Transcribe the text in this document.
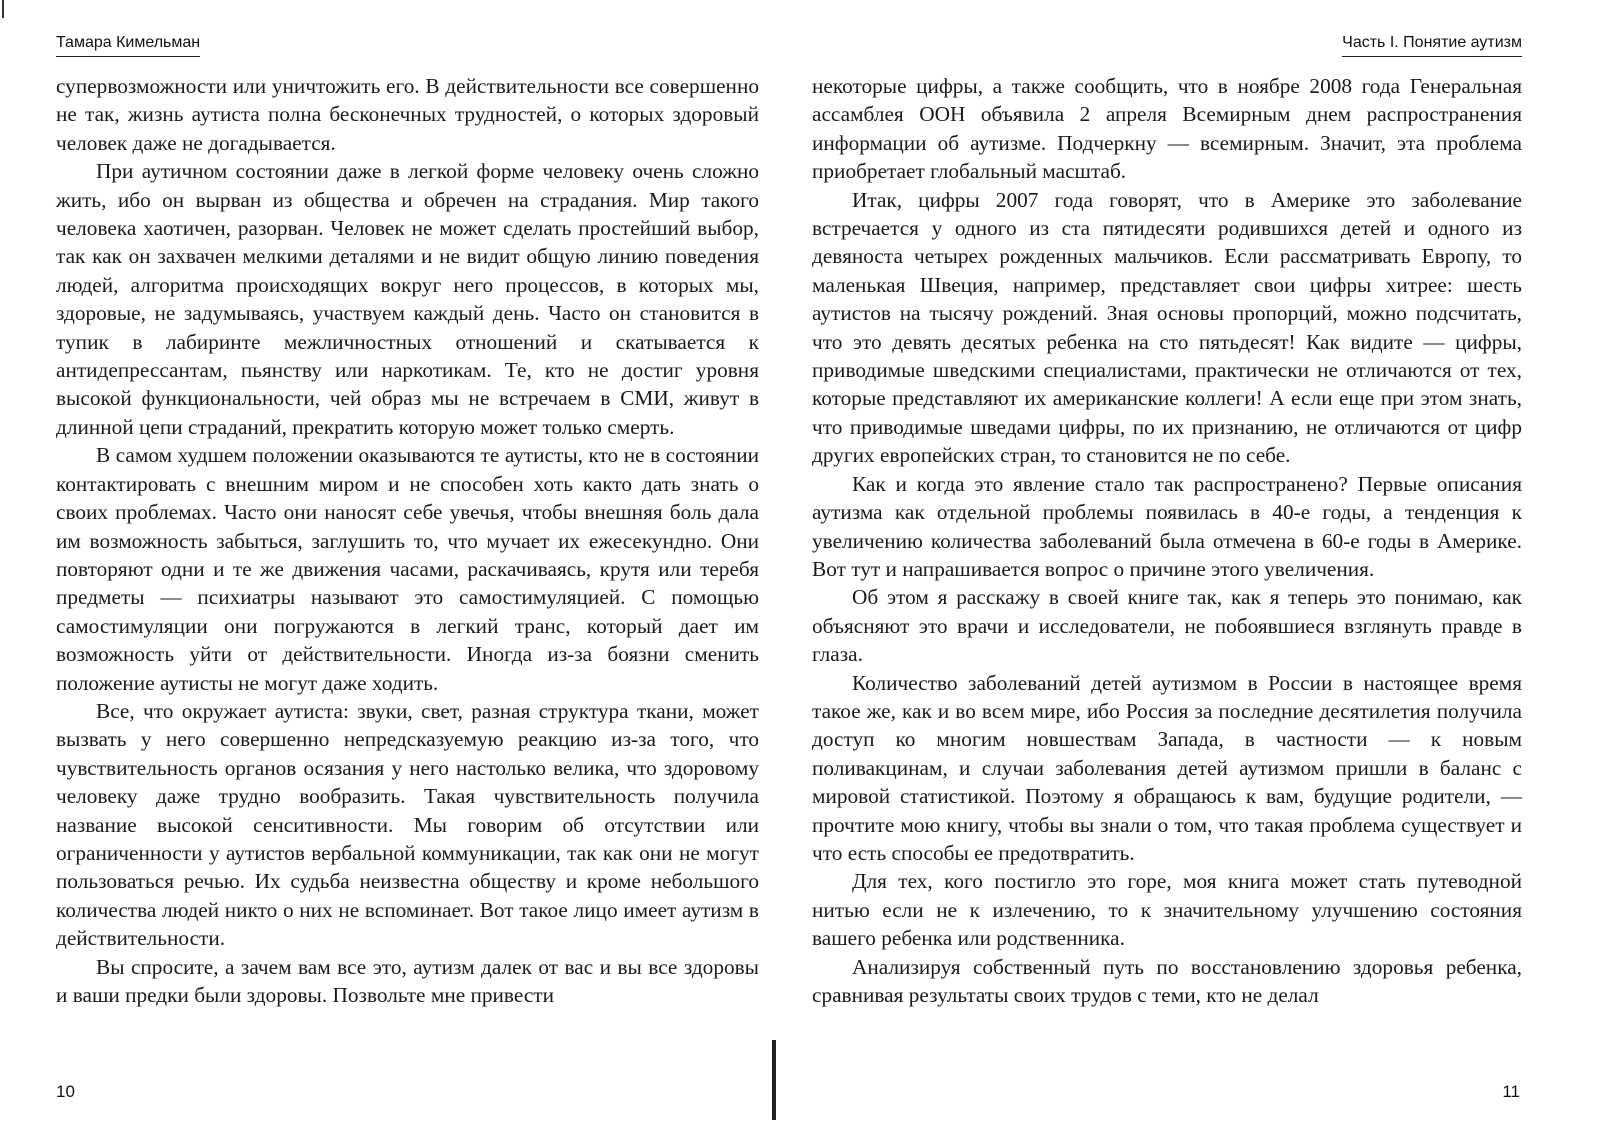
Тамара Кимельман

супервозможности или уничтожить его. В действительности все совершенно не так, жизнь аутиста полна бесконечных трудностей, о которых здоровый человек даже не догадывается.

При аутичном состоянии даже в легкой форме человеку очень сложно жить, ибо он вырван из общества и обречен на страдания. Мир такого человека хаотичен, разорван. Человек не может сделать простейший выбор, так как он захвачен мелкими деталями и не видит общую линию поведения людей, алгоритма происходящих вокруг него процессов, в которых мы, здоровые, не задумываясь, участвуем каждый день. Часто он становится в тупик в лабиринте межличностных отношений и скатывается к антидепрессантам, пьянству или наркотикам. Те, кто не достиг уровня высокой функциональности, чей образ мы не встречаем в СМИ, живут в длинной цепи страданий, прекратить которую может только смерть.

В самом худшем положении оказываются те аутисты, кто не в состоянии контактировать с внешним миром и не способен хоть както дать знать о своих проблемах. Часто они наносят себе увечья, чтобы внешняя боль дала им возможность забыться, заглушить то, что мучает их ежесекундно. Они повторяют одни и те же движения часами, раскачиваясь, крутя или теребя предметы — психиатры называют это самостимуляцией. С помощью самостимуляции они погружаются в легкий транс, который дает им возможность уйти от действительности. Иногда из-за боязни сменить положение аутисты не могут даже ходить.

Все, что окружает аутиста: звуки, свет, разная структура ткани, может вызвать у него совершенно непредсказуемую реакцию из-за того, что чувствительность органов осязания у него настолько велика, что здоровому человеку даже трудно вообразить. Такая чувствительность получила название высокой сенситивности. Мы говорим об отсутствии или ограниченности у аутистов вербальной коммуникации, так как они не могут пользоваться речью. Их судьба неизвестна обществу и кроме небольшого количества людей никто о них не вспоминает. Вот такое лицо имеет аутизм в действительности.

Вы спросите, а зачем вам все это, аутизм далек от вас и вы все здоровы и ваши предки были здоровы. Позвольте мне привести

10
Часть I. Понятие аутизм

некоторые цифры, а также сообщить, что в ноябре 2008 года Генеральная ассамблея ООН объявила 2 апреля Всемирным днем распространения информации об аутизме. Подчеркну — всемирным. Значит, эта проблема приобретает глобальный масштаб.

Итак, цифры 2007 года говорят, что в Америке это заболевание встречается у одного из ста пятидесяти родившихся детей и одного из девяноста четырех рожденных мальчиков. Если рассматривать Европу, то маленькая Швеция, например, представляет свои цифры хитрее: шесть аутистов на тысячу рождений. Зная основы пропорций, можно подсчитать, что это девять десятых ребенка на сто пятьдесят! Как видите — цифры, приводимые шведскими специалистами, практически не отличаются от тех, которые представляют их американские коллеги! А если еще при этом знать, что приводимые шведами цифры, по их признанию, не отличаются от цифр других европейских стран, то становится не по себе.

Как и когда это явление стало так распространено? Первые описания аутизма как отдельной проблемы появилась в 40-е годы, а тенденция к увеличению количества заболеваний была отмечена в 60-е годы в Америке. Вот тут и напрашивается вопрос о причине этого увеличения.

Об этом я расскажу в своей книге так, как я теперь это понимаю, как объясняют это врачи и исследователи, не побоявшиеся взглянуть правде в глаза.

Количество заболеваний детей аутизмом в России в настоящее время такое же, как и во всем мире, ибо Россия за последние десятилетия получила доступ ко многим новшествам Запада, в частности — к новым поливакцинам, и случаи заболевания детей аутизмом пришли в баланс с мировой статистикой. Поэтому я обращаюсь к вам, будущие родители, — прочтите мою книгу, чтобы вы знали о том, что такая проблема существует и что есть способы ее предотвратить.

Для тех, кого постигло это горе, моя книга может стать путеводной нитью если не к излечению, то к значительному улучшению состояния вашего ребенка или родственника.

Анализируя собственный путь по восстановлению здоровья ребенка, сравнивая результаты своих трудов с теми, кто не делал

11
